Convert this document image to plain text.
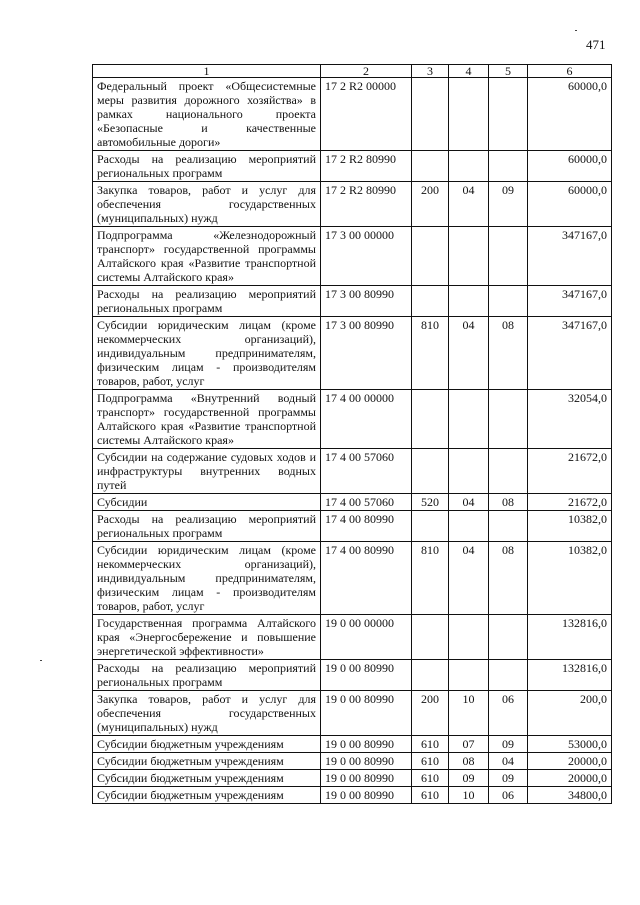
471
1	2	3	4	5	6
Федеральный проект «Общесистемные меры развития дорожного хозяйства» в рамках национального проекта «Безопасные и качественные автомобильные дороги»	17 2 R2 00000				60000,0
Расходы на реализацию мероприятий региональных программ	17 2 R2 80990				60000,0
Закупка товаров, работ и услуг для обеспечения государственных (муниципальных) нужд	17 2 R2 80990	200	04	09	60000,0
Подпрограмма «Железнодорожный транспорт» государственной программы Алтайского края «Развитие транспортной системы Алтайского края»	17 3 00 00000				347167,0
Расходы на реализацию мероприятий региональных программ	17 3 00 80990				347167,0
Субсидии юридическим лицам (кроме некоммерческих организаций), индивидуальным предпринимателям, физическим лицам - производителям товаров, работ, услуг	17 3 00 80990	810	04	08	347167,0
Подпрограмма «Внутренний водный транспорт» государственной программы Алтайского края «Развитие транспортной системы Алтайского края»	17 4 00 00000				32054,0
Субсидии на содержание судовых ходов и инфраструктуры внутренних водных путей	17 4 00 57060				21672,0
Субсидии	17 4 00 57060	520	04	08	21672,0
Расходы на реализацию мероприятий региональных программ	17 4 00 80990				10382,0
Субсидии юридическим лицам (кроме некоммерческих организаций), индивидуальным предпринимателям, физическим лицам - производителям товаров, работ, услуг	17 4 00 80990	810	04	08	10382,0
Государственная программа Алтайского края «Энергосбережение и повышение энергетической эффективности»	19 0 00 00000				132816,0
Расходы на реализацию мероприятий региональных программ	19 0 00 80990				132816,0
Закупка товаров, работ и услуг для обеспечения государственных (муниципальных) нужд	19 0 00 80990	200	10	06	200,0
Субсидии бюджетным учреждениям	19 0 00 80990	610	07	09	53000,0
Субсидии бюджетным учреждениям	19 0 00 80990	610	08	04	20000,0
Субсидии бюджетным учреждениям	19 0 00 80990	610	09	09	20000,0
Субсидии бюджетным учреждениям	19 0 00 80990	610	10	06	34800,0
